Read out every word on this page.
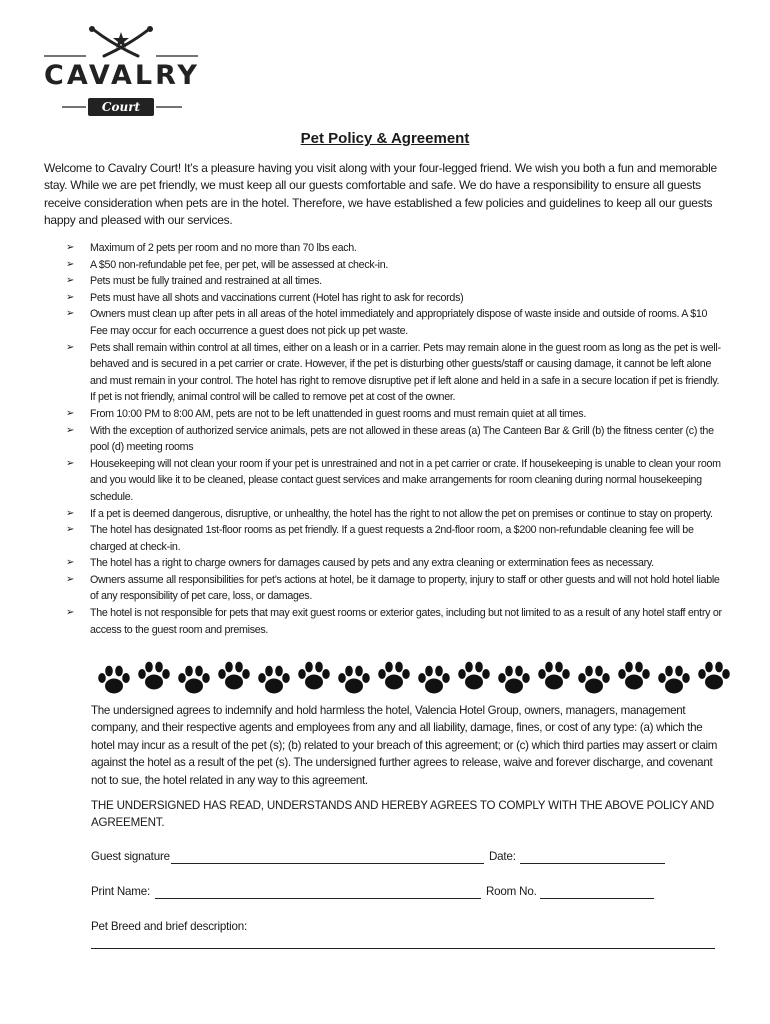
CAVALRY
Court
Pet Policy & Agreement
Welcome to Cavalry Court! It’s a pleasure having you visit along with your four-legged friend. We wish you both a fun and memorable stay. While we are pet friendly, we must keep all our guests comfortable and safe. We do have a responsibility to ensure all guests receive consideration when pets are in the hotel. Therefore, we have established a few policies and guidelines to keep all our guests happy and pleased with our services.
➢ Maximum of 2 pets per room and no more than 70 lbs each.
➢ A $50 non-refundable pet fee, per pet, will be assessed at check-in.
➢ Pets must be fully trained and restrained at all times.
➢ Pets must have all shots and vaccinations current (Hotel has right to ask for records)
➢ Owners must clean up after pets in all areas of the hotel immediately and appropriately dispose of waste inside and outside of rooms. A $10 Fee may occur for each occurrence a guest does not pick up pet waste.
➢ Pets shall remain within control at all times, either on a leash or in a carrier. Pets may remain alone in the guest room as long as the pet is well-behaved and is secured in a pet carrier or crate. However, if the pet is disturbing other guests/staff or causing damage, it cannot be left alone and must remain in your control. The hotel has right to remove disruptive pet if left alone and held in a safe in a secure location if pet is friendly. If pet is not friendly, animal control will be called to remove pet at cost of the owner.
➢ From 10:00 PM to 8:00 AM, pets are not to be left unattended in guest rooms and must remain quiet at all times.
➢ With the exception of authorized service animals, pets are not allowed in these areas (a) The Canteen Bar & Grill (b) the fitness center (c) the pool (d) meeting rooms
➢ Housekeeping will not clean your room if your pet is unrestrained and not in a pet carrier or crate. If housekeeping is unable to clean your room and you would like it to be cleaned, please contact guest services and make arrangements for room cleaning during normal housekeeping schedule.
➢ If a pet is deemed dangerous, disruptive, or unhealthy, the hotel has the right to not allow the pet on premises or continue to stay on property.
➢ The hotel has designated 1st-floor rooms as pet friendly. If a guest requests a 2nd-floor room, a $200 non-refundable cleaning fee will be charged at check-in.
➢ The hotel has a right to charge owners for damages caused by pets and any extra cleaning or extermination fees as necessary.
➢ Owners assume all responsibilities for pet’s actions at hotel, be it damage to property, injury to staff or other guests and will not hold hotel liable of any responsibility of pet care, loss, or damages.
➢ The hotel is not responsible for pets that may exit guest rooms or exterior gates, including but not limited to as a result of any hotel staff entry or access to the guest room and premises.
The undersigned agrees to indemnify and hold harmless the hotel, Valencia Hotel Group, owners, managers, management company, and their respective agents and employees from any and all liability, damage, fines, or cost of any type: (a) which the hotel may incur as a result of the pet (s); (b) related to your breach of this agreement; or (c) which third parties may assert or claim against the hotel as a result of the pet (s). The undersigned further agrees to release, waive and forever discharge, and covenant not to sue, the hotel related in any way to this agreement.
THE UNDERSIGNED HAS READ, UNDERSTANDS AND HEREBY AGREES TO COMPLY WITH THE ABOVE POLICY AND AGREEMENT.
Guest signature	Date:
Print Name:	Room No.
Pet Breed and brief description:
